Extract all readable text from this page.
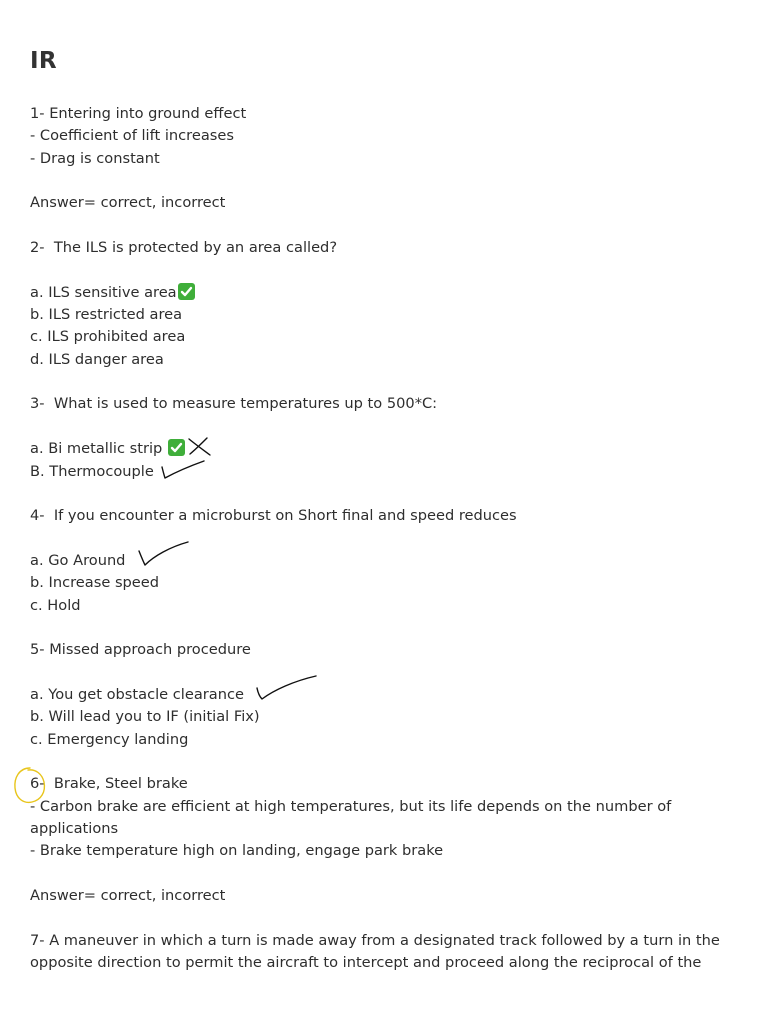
IR
1- Entering into ground effect
- Coefficient of lift increases
- Drag is constant
Answer= correct, incorrect
2-  The ILS is protected by an area called?
a. ILS sensitive area
b. ILS restricted area
c. ILS prohibited area
d. ILS danger area
3-  What is used to measure temperatures up to 500*C:
a. Bi metallic strip
B. Thermocouple
4-  If you encounter a microburst on Short final and speed reduces
a. Go Around
b. Increase speed
c. Hold
5- Missed approach procedure
a. You get obstacle clearance
b. Will lead you to IF (initial Fix)
c. Emergency landing
6-  Brake, Steel brake
- Carbon brake are efficient at high temperatures, but its life depends on the number of applications
- Brake temperature high on landing, engage park brake
Answer= correct, incorrect
7- A maneuver in which a turn is made away from a designated track followed by a turn in the opposite direction to permit the aircraft to intercept and proceed along the reciprocal of the
